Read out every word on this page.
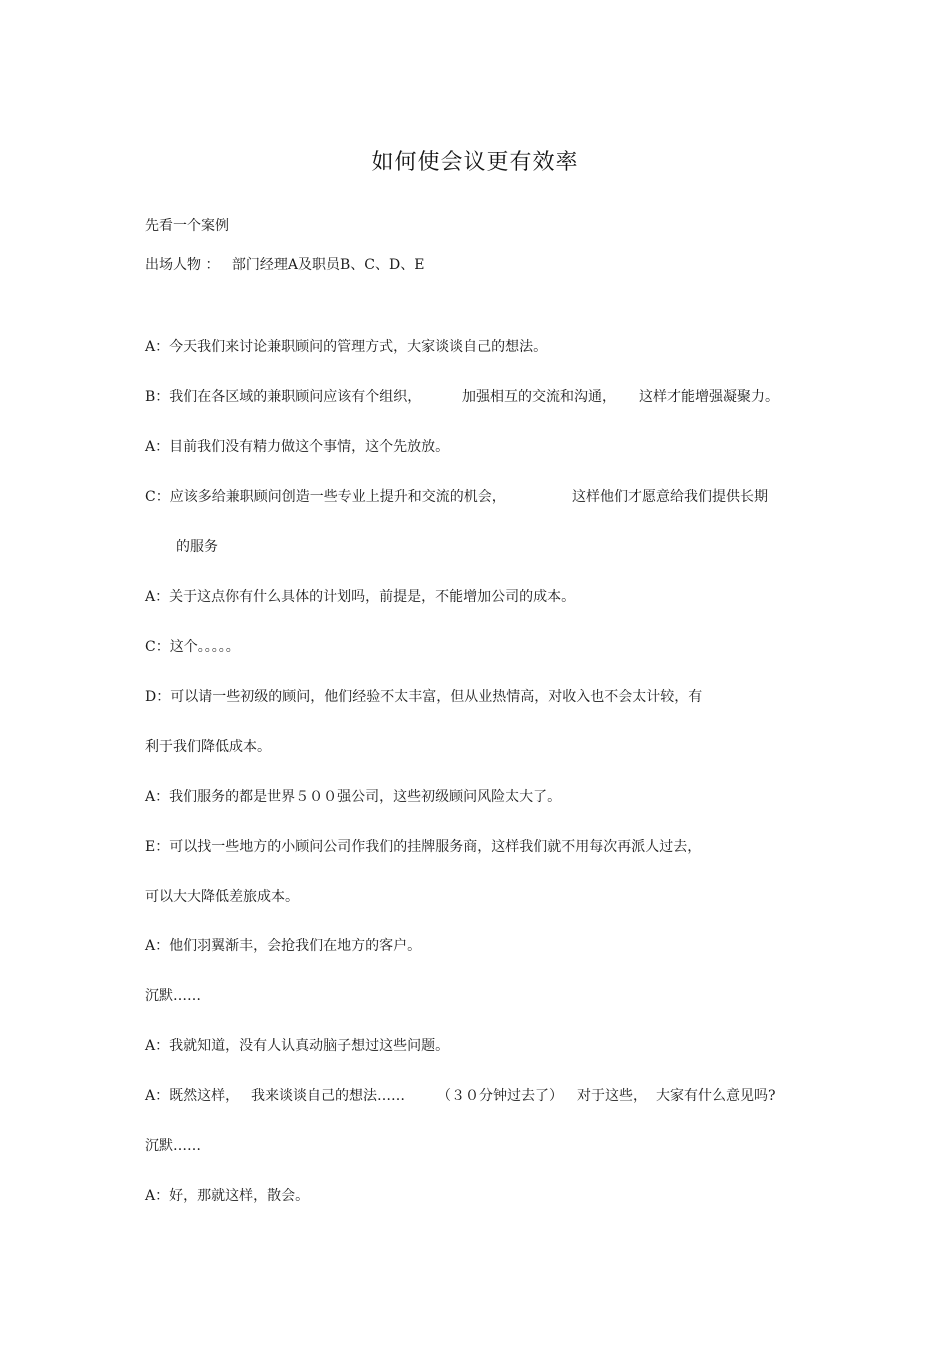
如何使会议更有效率
先看一个案例
出场人物 ： 部门经理A及职员B、C、D、E
A：今天我们来讨论兼职顾问的管理方式，大家谈谈自己的想法。
B：我们在各区域的兼职顾问应该有个组织，	加强相互的交流和沟通， 这样才能增强凝聚力。
A：目前我们没有精力做这个事情，这个先放放。
C：应该多给兼职顾问创造一些专业上提升和交流的机会，	这样他们才愿意给我们提供长期
的服务
A：关于这点你有什么具体的计划吗，前提是，不能增加公司的成本。
C：这个。。。。。
D：可以请一些初级的顾问，他们经验不太丰富，但从业热情高，对收入也不会太计较，有
利于我们降低成本。
A：我们服务的都是世界５００强公司，这些初级顾问风险太大了。
E：可以找一些地方的小顾问公司作我们的挂牌服务商，这样我们就不用每次再派人过去，
可以大大降低差旅成本。
A：他们羽翼渐丰，会抢我们在地方的客户。
沉默……
A：我就知道，没有人认真动脑子想过这些问题。
A：既然这样， 我来谈谈自己的想法…… （３０分钟过去了） 对于这些， 大家有什么意见吗?
沉默……
A：好，那就这样，散会。
